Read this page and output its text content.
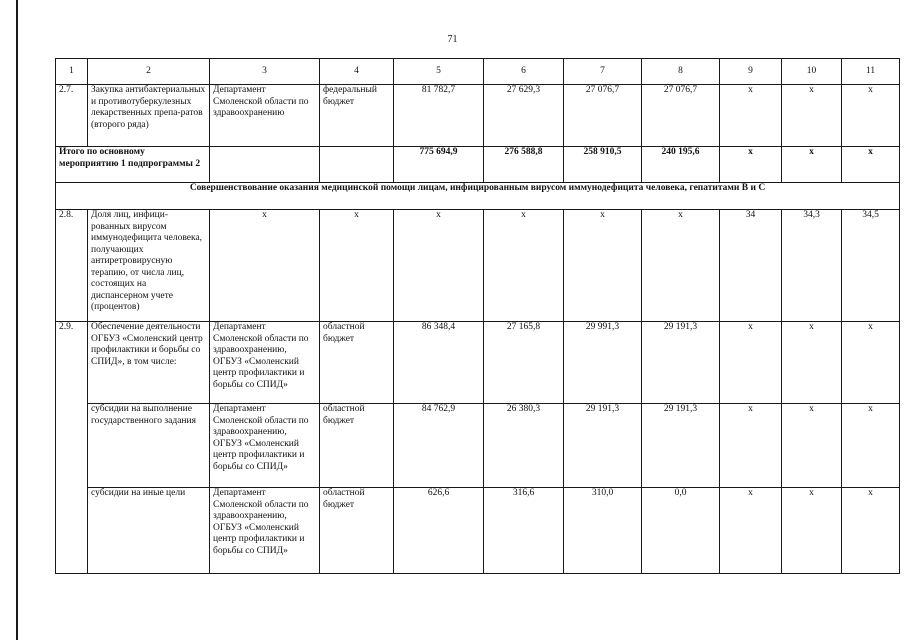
71
1	2	3	4	5	6	7	8	9	10	11
2.7.	Закупка антибактериальных и противотуберкулезных лекарственных препа-ратов (второго ряда)	Департамент Смоленской области по здравоохранению	федеральный бюджет	81 782,7	27 629,3	27 076,7	27 076,7	x	x	x
Итого по основному мероприятию 1 подпрограммы 2				775 694,9	276 588,8	258 910,5	240 195,6	x	x	x
Совершенствование оказания медицинской помощи лицам, инфицированным вирусом иммунодефицита человека, гепатитами В и С										
2.8.	Доля лиц, инфици-рованных вирусом иммунодефицита человека, получающих антиретровирусную терапию, от числа лиц, состоящих на диспансерном учете (процентов)	x	x	x	x	x	x	34	34,3	34,5
2.9.	Обеспечение деятельности ОГБУЗ «Смоленский центр профилактики и борьбы со СПИД», в том числе:	Департамент Смоленской области по здравоохранению, ОГБУЗ «Смоленский центр профилактики и борьбы со СПИД»	областной бюджет	86 348,4	27 165,8	29 991,3	29 191,3	x	x	x
	субсидии на выполнение государственного задания	Департамент Смоленской области по здравоохранению, ОГБУЗ «Смоленский центр профилактики и борьбы со СПИД»	областной бюджет	84 762,9	26 380,3	29 191,3	29 191,3	x	x	x
	субсидии на иные цели	Департамент Смоленской области по здравоохранению, ОГБУЗ «Смоленский центр профилактики и борьбы со СПИД»	областной бюджет	626,6	316,6	310,0	0,0	x	x	x
